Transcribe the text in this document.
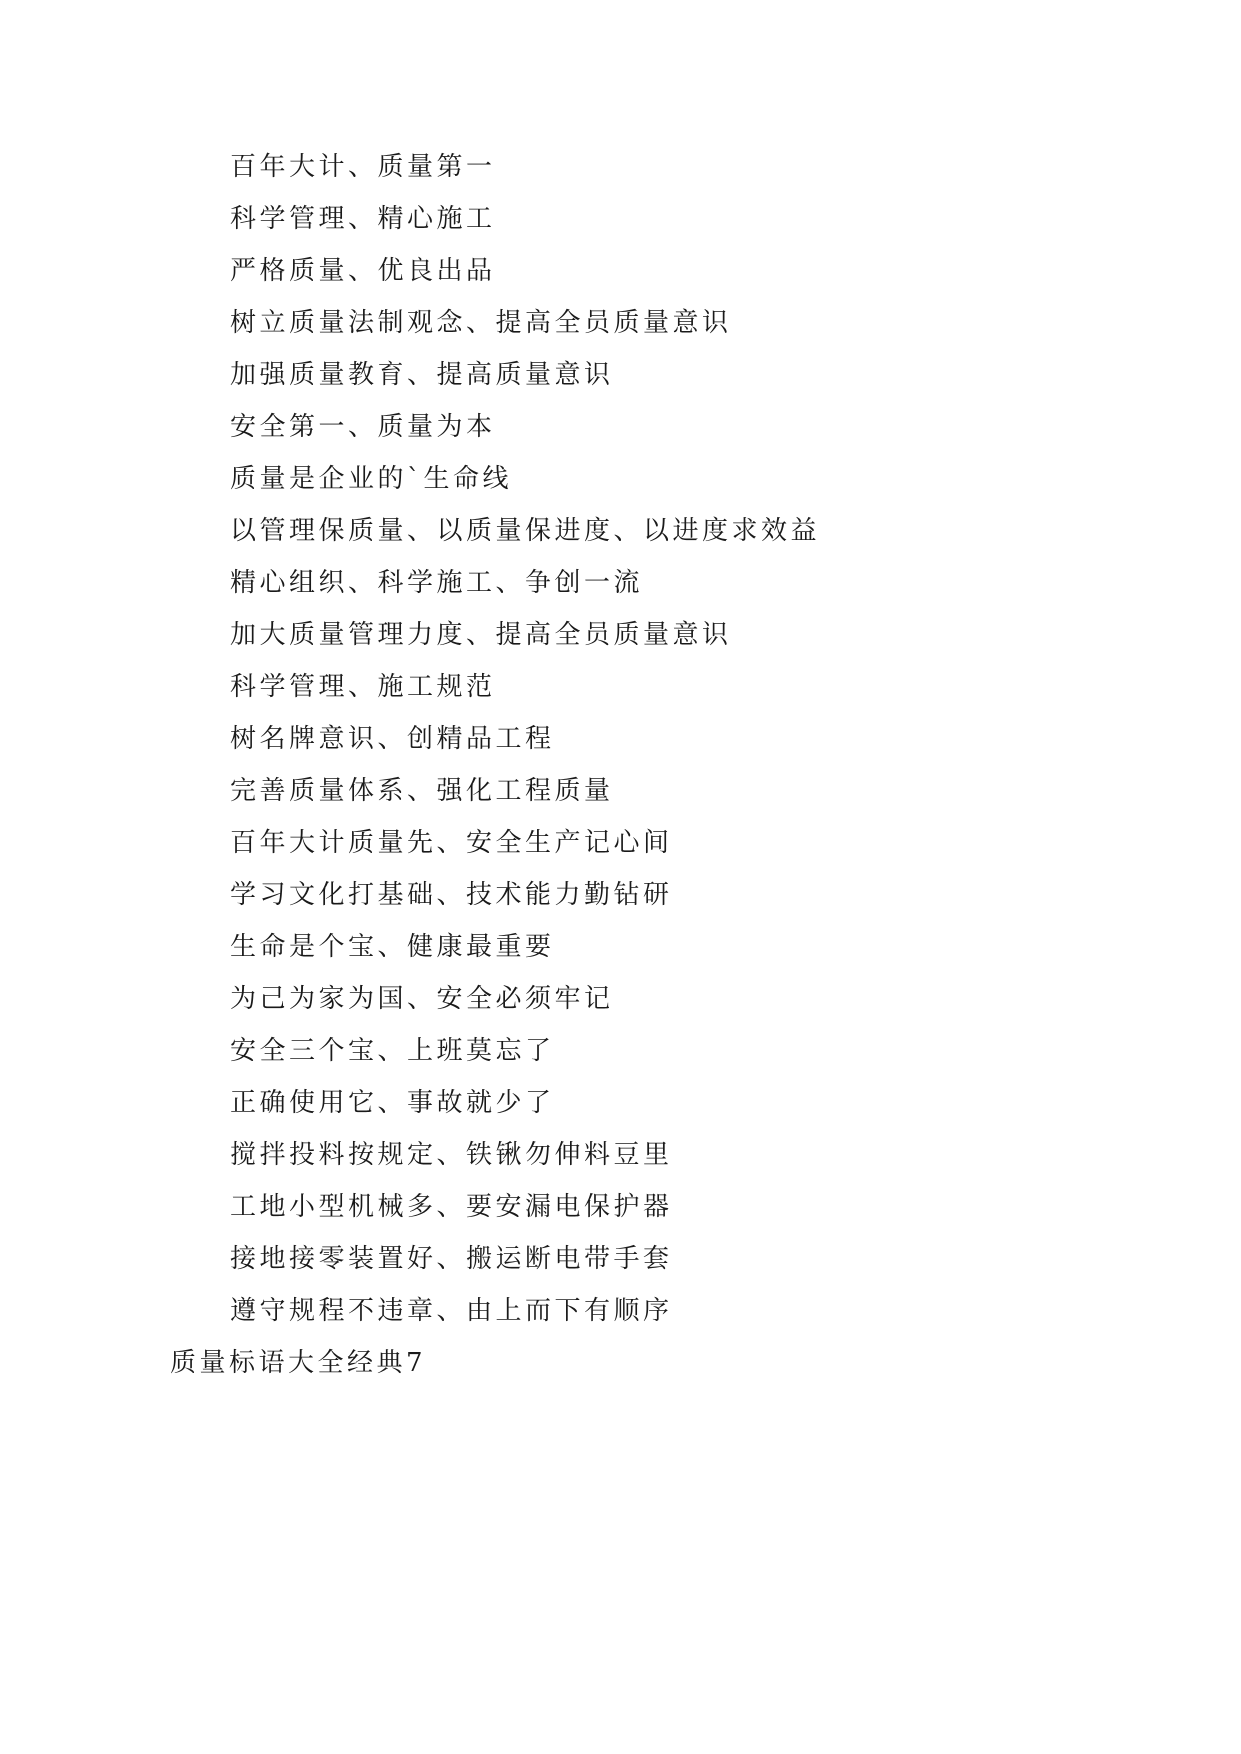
百年大计、质量第一

科学管理、精心施工

严格质量、优良出品

树立质量法制观念、提高全员质量意识

加强质量教育、提高质量意识

安全第一、质量为本

质量是企业的`生命线

以管理保质量、以质量保进度、以进度求效益

精心组织、科学施工、争创一流

加大质量管理力度、提高全员质量意识

科学管理、施工规范

树名牌意识、创精品工程

完善质量体系、强化工程质量

百年大计质量先、安全生产记心间

学习文化打基础、技术能力勤钻研

生命是个宝、健康最重要

为己为家为国、安全必须牢记

安全三个宝、上班莫忘了

正确使用它、事故就少了

搅拌投料按规定、铁锹勿伸料豆里

工地小型机械多、要安漏电保护器

接地接零装置好、搬运断电带手套

遵守规程不违章、由上而下有顺序

质量标语大全经典7
